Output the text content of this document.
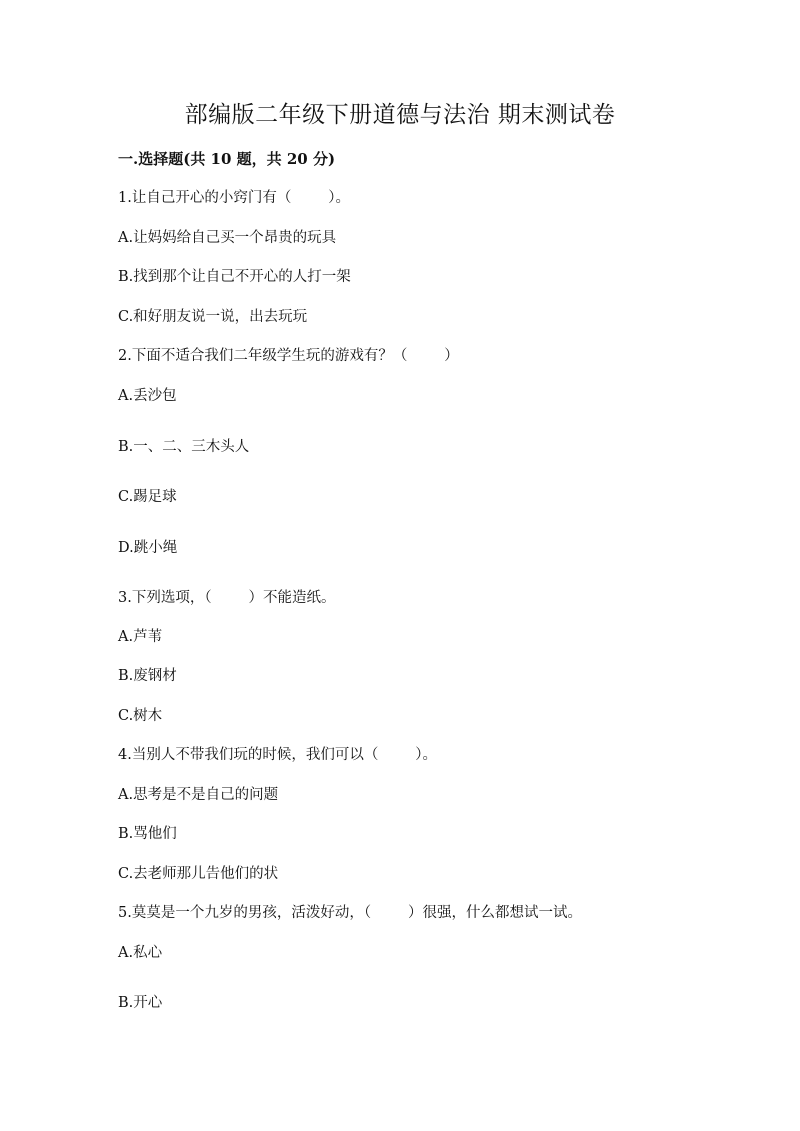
部编版二年级下册道德与法治 期末测试卷
一.选择题(共 10 题，共 20 分)
1.让自己开心的小窍门有（        ）。
A.让妈妈给自己买一个昂贵的玩具
B.找到那个让自己不开心的人打一架
C.和好朋友说一说，出去玩玩
2.下面不适合我们二年级学生玩的游戏有？（        ）
A.丢沙包
B.一、二、三木头人
C.踢足球
D.跳小绳
3.下列选项，（        ）不能造纸。
A.芦苇
B.废钢材
C.树木
4.当别人不带我们玩的时候，我们可以（        ）。
A.思考是不是自己的问题
B.骂他们
C.去老师那儿告他们的状
5.莫莫是一个九岁的男孩，活泼好动，（        ）很强，什么都想试一试。
A.私心
B.开心
